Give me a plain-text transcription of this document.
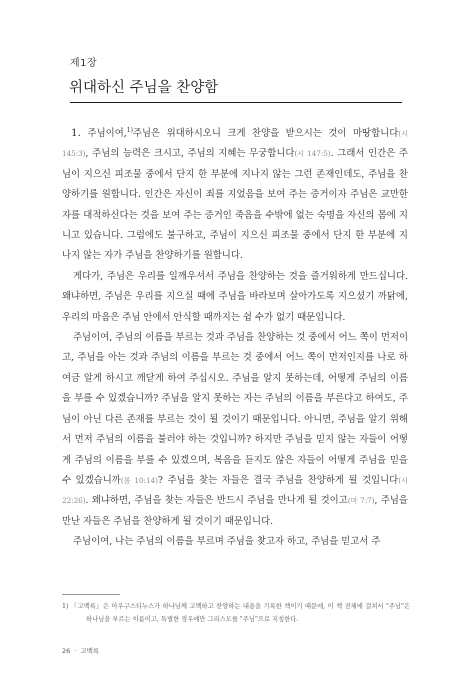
제1장
위대하신 주님을 찬양함

1. 주님이여,$^{1)}$주님은 위대하시오니 크게 찬양을 받으시는 것이 마땅합니다(시 145:3), 주님의 능력은 크시고, 주님의 지혜는 무궁합니다(시 147:5). 그래서 인간은 주님이 지으신 피조물 중에서 단지 한 부분에 지나지 않는 그런 존재인데도, 주님을 찬양하기를 원합니다. 인간은 자신이 죄를 지었음을 보여 주는 증거이자 주님은 교만한 자를 대적하신다는 것을 보여 주는 증거인 죽음을 수밖에 없는 숙명을 자신의 몸에 지니고 있습니다. 그럼에도 불구하고, 주님이 지으신 피조물 중에서 단지 한 부분에 지나지 않는 자가 주님을 찬양하기를 원합니다.

게다가, 주님은 우리를 일깨우셔서 주님을 찬양하는 것을 즐거워하게 만드십니다. 왜냐하면, 주님은 우리를 지으실 때에 주님을 바라보며 살아가도록 지으셨기 까닭에, 우리의 마음은 주님 안에서 안식할 때까지는 쉼 수가 없기 때문입니다.

주님이여, 주님의 이름을 부르는 것과 주님을 찬양하는 것 중에서 어느 쪽이 먼저이고, 주님을 아는 것과 주님의 이름을 부르는 것 중에서 어느 쪽이 먼저인지를 나로 하여금 알게 하시고 깨닫게 하여 주십시오. 주님을 알지 못하는데, 어떻게 주님의 이름을 부를 수 있겠습니까? 주님을 알지 못하는 자는 주님의 이름을 부른다고 하여도, 주님이 아닌 다른 존재를 부르는 것이 될 것이기 때문입니다. 아니면, 주님을 알기 위해서 먼저 주님의 이름을 불러야 하는 것입니까? 하지만 주님을 믿지 않는 자들이 어떻게 주님의 이름을 부를 수 있겠으며, 복음을 듣지도 않은 자들이 어떻게 주님을 믿을 수 있겠습니까(롬 10:14)? 주님을 찾는 자들은 결국 주님을 찬양하게 될 것입니다(시 22:26). 왜냐하면, 주님을 찾는 자들은 반드시 주님을 만나게 될 것이고(마 7:7), 주님을 만난 자들은 주님을 찬양하게 될 것이기 때문입니다.

주님이여, 나는 주님의 이름을 부르며 주님을 찾고자 하고, 주님을 믿고서 주

1) 『고백록』은 아우구스티누스가 하나님께 고백하고 찬양하는 내용을 기록한 책이기 때문에, 이 책 전체에 걸쳐서 "주님"은 하나님을 부르는 이름이고, 특별한 경우에만 그리스도를 "주님"으로 지칭한다.
26 · 고백록
